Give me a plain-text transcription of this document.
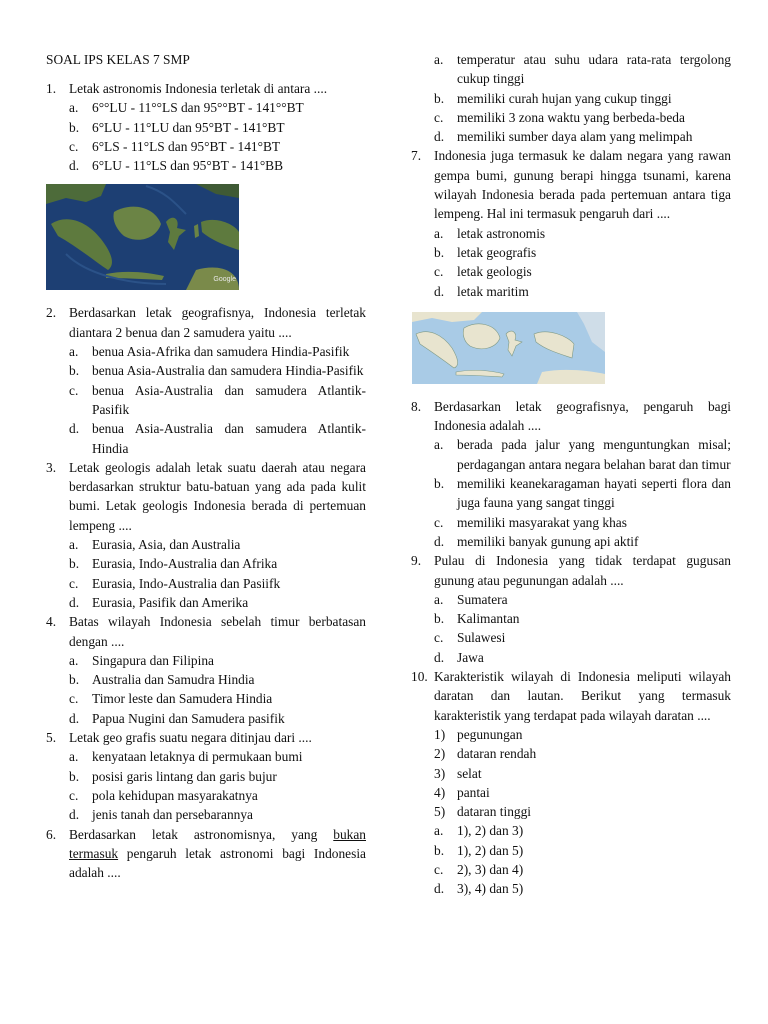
SOAL IPS KELAS 7 SMP
1. Letak astronomis Indonesia terletak di antara ....
a.	6°°LU - 11°°LS dan 95°°BT - 141°°BT
b. 6°LU - 11°LU dan 95°BT - 141°BT
c.	6°LS - 11°LS dan 95°BT - 141°BT
d. 6°LU - 11°LS dan 95°BT - 141°BB
Google
2. Berdasarkan letak geografisnya, Indonesia terletak diantara 2 benua dan 2 samudera yaitu ....
a.	benua Asia-Afrika dan samudera Hindia-Pasifik
b. benua Asia-Australia dan samudera Hindia-Pasifik
c.	benua Asia-Australia dan samudera Atlantik-Pasifik
d. benua Asia-Australia dan samudera Atlantik-Hindia
3. Letak geologis adalah letak suatu daerah atau negara berdasarkan struktur batu-batuan yang ada pada kulit bumi. Letak geologis Indonesia berada di pertemuan lempeng ....
a.	Eurasia, Asia, dan Australia
b. Eurasia, Indo-Australia dan Afrika
c.	Eurasia, Indo-Australia dan Pasiifk
d. Eurasia, Pasifik dan Amerika
4. Batas wilayah Indonesia sebelah timur berbatasan dengan ....
a.	Singapura dan Filipina
b. Australia dan Samudra Hindia
c.	Timor leste dan Samudera Hindia
d. Papua Nugini dan Samudera pasifik
5. Letak geo grafis suatu negara ditinjau dari ....
a.	kenyataan letaknya di permukaan bumi
b. posisi garis lintang dan garis bujur
c.	pola kehidupan masyarakatnya
d. jenis tanah dan persebarannya
6. Berdasarkan letak astronomisnya, yang bukan termasuk pengaruh letak astronomi bagi Indonesia adalah ....
a.	temperatur atau suhu udara rata-rata tergolong cukup tinggi
b. memiliki curah hujan yang cukup tinggi
c.	memiliki 3 zona waktu yang berbeda-beda
d. memiliki sumber daya alam yang melimpah
7. Indonesia juga termasuk ke dalam negara yang rawan gempa bumi, gunung berapi hingga tsunami, karena wilayah Indonesia berada pada pertemuan antara tiga lempeng. Hal ini termasuk pengaruh dari ....
a.	letak astronomis
b. letak geografis
c.	letak geologis
d. letak maritim
8. Berdasarkan letak geografisnya, pengaruh bagi Indonesia adalah ....
a.	berada pada jalur yang menguntungkan misal; perdagangan antara negara belahan barat dan timur
b. memiliki keanekaragaman hayati seperti flora dan juga fauna yang sangat tinggi
c.	memiliki masyarakat yang khas
d. memiliki banyak gunung api aktif
9. Pulau di Indonesia yang tidak terdapat gugusan gunung atau pegunungan adalah ....
a.	Sumatera
b. Kalimantan
c.	Sulawesi
d. Jawa
10. Karakteristik wilayah di Indonesia meliputi wilayah daratan dan lautan. Berikut yang termasuk karakteristik yang terdapat pada wilayah daratan ....
1) pegunungan
2) dataran rendah
3) selat
4) pantai
5) dataran tinggi
a.	1), 2) dan 3)
b. 1), 2) dan 5)
c.	2), 3) dan 4)
d. 3), 4) dan 5)
